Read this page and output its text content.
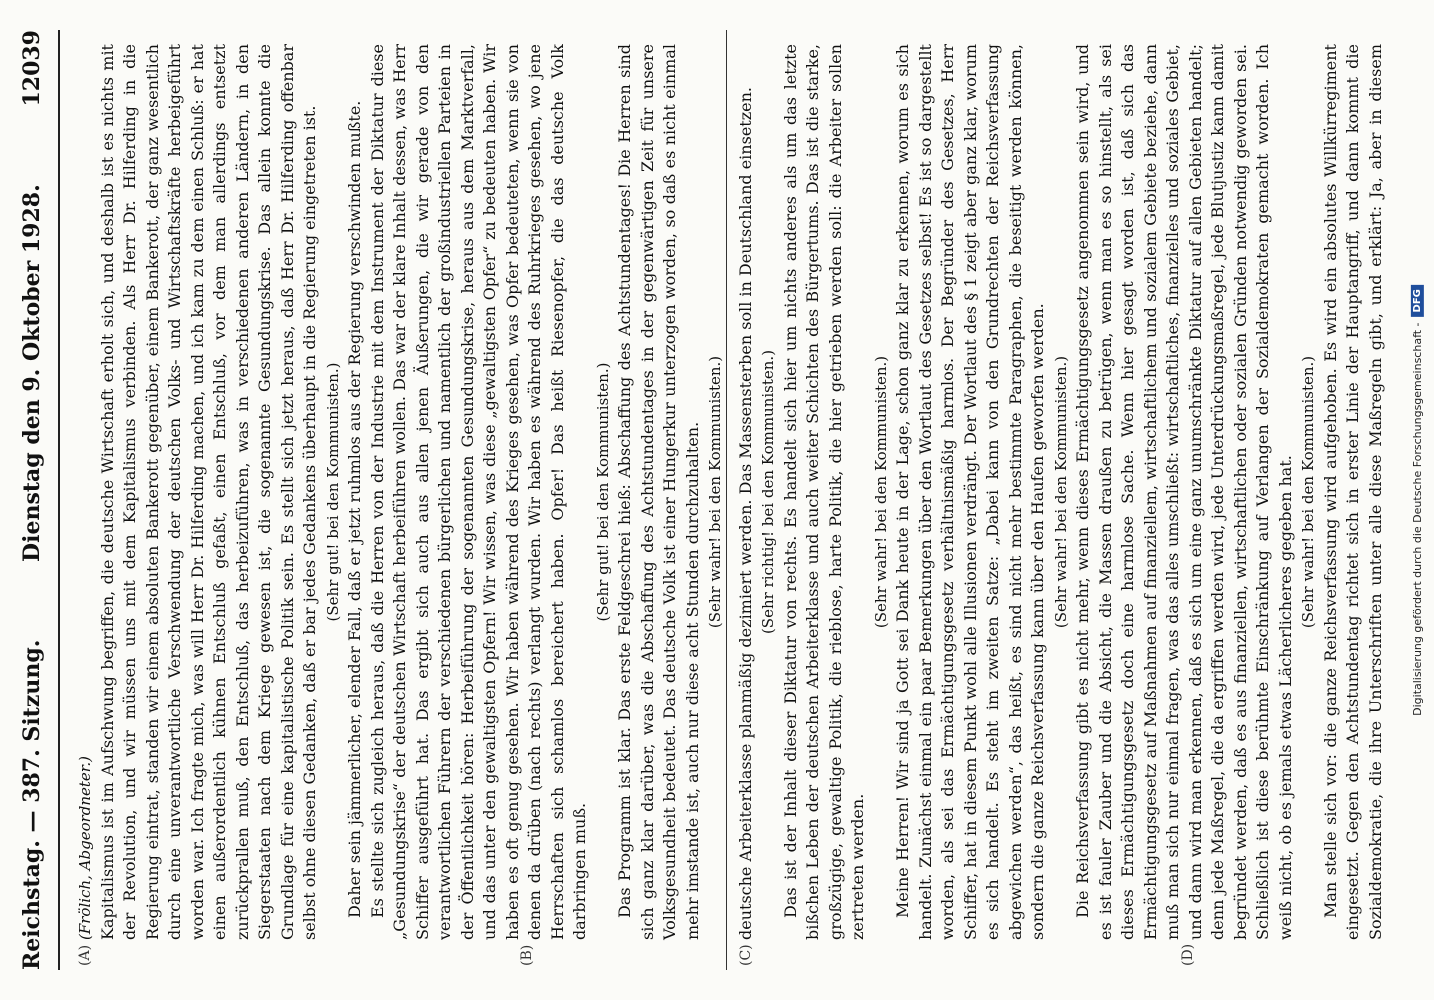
Reichstag. — 387. Sitzung.
Dienstag den 9. Oktober 1928.
12039
(A)	(B)

(Frölich, Abgeordneter.) Kapitalismus ist im Aufschwung begriffen, die deutsche Wirtschaft erholt sich, und deshalb ist es nichts mit der Revolution, und wir müssen uns mit dem Kapitalismus verbinden. Als Herr Dr. Hilferding in die Regierung eintrat, standen wir einem absoluten Bankerott gegenüber, einem Bankerott, der ganz wesentlich durch eine unverantwortliche Verschwendung der deutschen Volks- und Wirtschaftskräfte herbeigeführt worden war. Ich fragte mich, was will Herr Dr. Hilferding machen, und ich kam zu dem einen Schluß: er hat einen außerordentlich kühnen Entschluß gefaßt, einen Entschluß, vor dem man allerdings entsetzt zurückprallen muß, den Entschluß, das herbeizuführen, was in verschiedenen anderen Ländern, in den Siegerstaaten nach dem Kriege gewesen ist, die sogenannte Gesundungskrise. Das allein konnte die Grundlage für eine kapitalistische Politik sein. Es stellt sich jetzt heraus, daß Herr Dr. Hilferding offenbar selbst ohne diesen Gedanken, daß er bar jedes Gedankens überhaupt in die Regierung eingetreten ist. (Sehr gut! bei den Kommunisten.) Daher sein jämmerlicher, elender Fall, daß er jetzt ruhmlos aus der Regierung verschwinden mußte. Es stellte sich zugleich heraus, daß die Herren von der Industrie mit dem Instrument der Diktatur diese „Gesundungskrise“ der deutschen Wirtschaft herbeiführen wollen. Das war der klare Inhalt dessen, was Herr Schiffer ausgeführt hat. Das ergibt sich auch aus allen jenen Äußerungen, die wir gerade von den verantwortlichen Führern der verschiedenen bürgerlichen und namentlich der großindustriellen Parteien in der Öffentlichkeit hören: Herbeiführung der sogenannten Gesundungskrise, heraus aus dem Marktverfall, und das unter den gewaltigsten Opfern! Wir wissen, was diese „gewaltigsten Opfer“ zu bedeuten haben. Wir haben es oft genug gesehen. Wir haben während des Krieges gesehen, was Opfer bedeuteten, wenn sie von denen da drüben (nach rechts) verlangt wurden. Wir haben es während des Ruhrkrieges gesehen, wo jene Herrschaften sich schamlos bereichert haben. Opfer! Das heißt Riesenopfer, die das deutsche Volk darbringen muß.

(Sehr gut! bei den Kommunisten.) Das Programm ist klar. Das erste Feldgeschrei hieß: Abschaffung des Achtstundentages! Die Herren sind sich ganz klar darüber, was die Abschaffung des Achtstundentages in der gegenwärtigen Zeit für unsere Volksgesundheit bedeutet. Das deutsche Volk ist einer Hungerkur unterzogen worden, so daß es nicht einmal mehr imstande ist, auch nur diese acht Stunden durchzuhalten. (Sehr wahr! bei den Kommunisten.)

(C)	(D)

deutsche Arbeiterklasse planmäßig dezimiert werden. Das Massensterben soll in Deutschland einsetzen. (Sehr richtig! bei den Kommunisten.) Das ist der Inhalt dieser Diktatur von rechts. Es handelt sich hier um nichts anderes als um das letzte bißchen Leben der deutschen Arbeiterklasse und auch weiter Schichten des Bürgertums. Das ist die starke, großzügige, gewaltige Politik, die rieblose, harte Politik, die hier getrieben werden soll: die Arbeiter sollen zertreten werden.

(Sehr wahr! bei den Kommunisten.) Meine Herren! Wir sind ja Gott sei Dank heute in der Lage, schon ganz klar zu erkennen, worum es sich handelt. Zunächst einmal ein paar Bemerkungen über den Wortlaut des Gesetzes selbst! Es ist so dargestellt worden, als sei das Ermächtigungsgesetz verhältnismäßig harmlos. Der Begründer des Gesetzes, Herr Schiffer, hat in diesem Punkt wohl alle Illusionen verdrängt. Der Wortlaut des § 1 zeigt aber ganz klar, worum es sich handelt. Es steht im zweiten Satze: „Dabei kann von den Grundrechten der Reichsverfassung abgewichen werden“, das heißt, es sind nicht mehr bestimmte Paragraphen, die beseitigt werden können, sondern die ganze Reichsverfassung kann über den Haufen geworfen werden. (Sehr wahr! bei den Kommunisten.) Die Reichsverfassung gibt es nicht mehr, wenn dieses Ermächtigungsgesetz angenommen sein wird, und es ist fauler Zauber und die Absicht, die Massen draußen zu betrügen, wenn man es so hinstellt, als sei dieses Ermächtigungsgesetz doch eine harmlose Sache. Wenn hier gesagt worden ist, daß sich das Ermächtigungsgesetz auf Maßnahmen auf finanziellem, wirtschaftlichem und sozialem Gebiete beziehe, dann muß man sich nur einmal fragen, was das alles umschließt: wirtschaftliches, finanzielles und soziales Gebiet, und dann wird man erkennen, daß es sich um eine ganz unumschränkte Diktatur auf allen Gebieten handelt; denn jede Maßregel, die da ergriffen werden wird, jede Unterdrückungsmaßregel, jede Blutjustiz kann damit begründet werden, daß es aus finanziellen, wirtschaftlichen oder sozialen Gründen notwendig geworden sei. Schließlich ist diese berühmte Einschränkung auf Verlangen der Sozialdemokraten gemacht worden. Ich weiß nicht, ob es jemals etwas Lächerlicheres gegeben hat. (Sehr wahr! bei den Kommunisten.)

Man stelle sich vor: die ganze Reichsverfassung wird aufgehoben. Es wird ein absolutes Willkürregiment eingesetzt. Gegen den Achtstundentag richtet sich in erster Linie der Hauptangriff, und dann kommt die Sozialdemokratie, die ihre Unterschriften unter alle diese Maßregeln gibt, und erklärt: Ja, aber in diesem

Digitalisierung gefördert durch die Deutsche Forschungsgemeinschaft -
DFG
